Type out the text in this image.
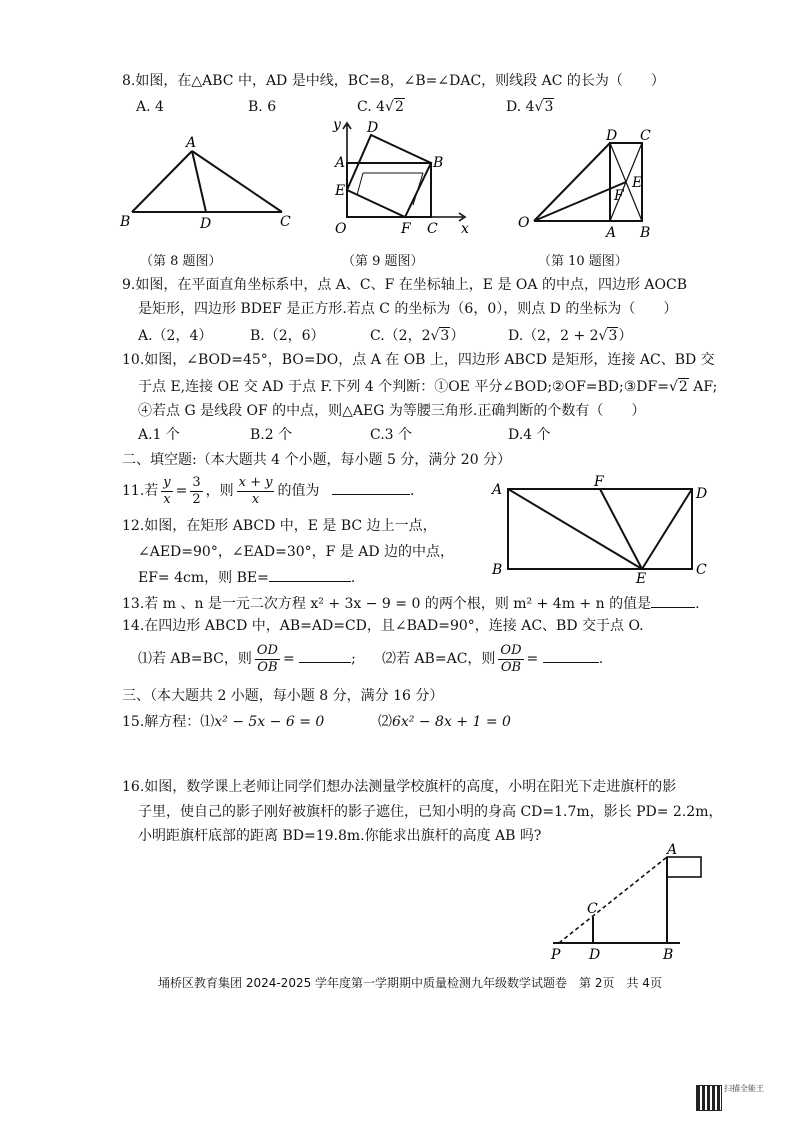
8.如图，在△ABC 中，AD 是中线，BC=8，∠B=∠DAC，则线段 AC 的长为（　　）
A. 4	B. 6	C. 4√2	D. 4√3
A
B	D	C
（第 8 题图）
y D
A	B
E
O	F C x
（第 9 题图）
D C
E
F
O
A B
（第 10 题图）
9.如图，在平面直角坐标系中，点 A、C、F 在坐标轴上，E 是 OA 的中点，四边形 AOCB
是矩形，四边形 BDEF 是正方形.若点 C 的坐标为（6，0），则点 D 的坐标为（　　）
A.（2，4）	B.（2，6）	C.（2，2√3）	D.（2，2 + 2√3）
10.如图，∠BOD=45°，BO=DO，点 A 在 OB 上，四边形 ABCD 是矩形，连接 AC、BD 交
于点 E,连接 OE 交 AD 于点 F.下列 4 个判断：①OE 平分∠BOD;②OF=BD;③DF=√2 AF;
④若点 G 是线段 OF 的中点，则△AEG 为等腰三角形.正确判断的个数有（　　）
A.1 个	B.2 个	C.3 个	D.4 个
二、填空题:（本大题共 4 个小题，每小题 5 分，满分 20 分）
11.若 $\frac{y}{x} = \frac{3}{2}$ ，则 $\frac{x + y}{x}$ 的值为	.	A	F
D
B
E
C
12.如图，在矩形 ABCD 中，E 是 BC 边上一点，
∠AED=90°，∠EAD=30°，F 是 AD 边的中点，
EF= 4cm，则 BE=	.
13.若 m 、n 是一元二次方程 x² + 3x − 9 = 0 的两个根，则 m² + 4m + n 的值是	.
14.在四边形 ABCD 中，AB=AD=CD，且∠BAD=90°，连接 AC、BD 交于点 O.
⑴若 AB=BC，则 $\frac{OD}{OB}$ =	; ⑵若 AB=AC，则 $\frac{OD}{OB}$ =	.
三、（本大题共 2 小题，每小题 8 分，满分 16 分）
15.解方程：⑴x² − 5x − 6 = 0	⑵6x² − 8x + 1 = 0
16.如图，数学课上老师让同学们想办法测量学校旗杆的高度，小明在阳光下走进旗杆的影
子里，使自己的影子刚好被旗杆的影子遮住，已知小明的身高 CD=1.7m，影长 PD= 2.2m，
小明距旗杆底部的距离 BD=19.8m.你能求出旗杆的高度 AB 吗?
A
C
P D	B
埇桥区教育集团 2024-2025 学年度第一学期期中质量检测九年级数学试题卷　第 2页　共 4页
扫描全能王
